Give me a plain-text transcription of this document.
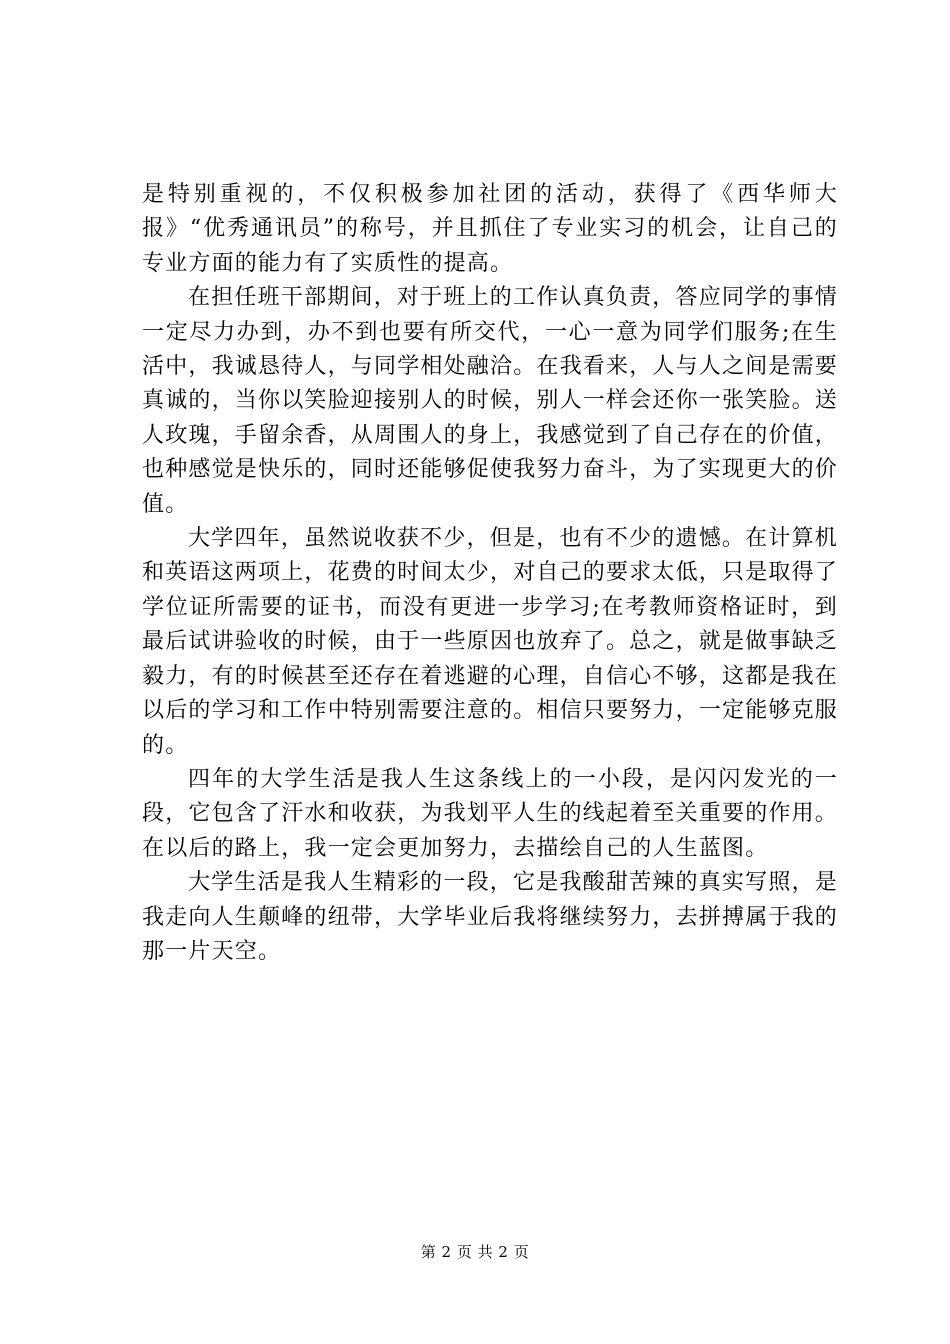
是特别重视的，不仅积极参加社团的活动，获得了《西华师大报》“优秀通讯员”的称号，并且抓住了专业实习的机会，让自己的专业方面的能力有了实质性的提高。

在担任班干部期间，对于班上的工作认真负责，答应同学的事情一定尽力办到，办不到也要有所交代，一心一意为同学们服务;在生活中，我诚恳待人，与同学相处融洽。在我看来，人与人之间是需要真诚的，当你以笑脸迎接别人的时候，别人一样会还你一张笑脸。送人玫瑰，手留余香，从周围人的身上，我感觉到了自己存在的价值，也种感觉是快乐的，同时还能够促使我努力奋斗，为了实现更大的价值。

大学四年，虽然说收获不少，但是，也有不少的遗憾。在计算机和英语这两项上，花费的时间太少，对自己的要求太低，只是取得了学位证所需要的证书，而没有更进一步学习;在考教师资格证时，到最后试讲验收的时候，由于一些原因也放弃了。总之，就是做事缺乏毅力，有的时候甚至还存在着逃避的心理，自信心不够，这都是我在以后的学习和工作中特别需要注意的。相信只要努力，一定能够克服的。

四年的大学生活是我人生这条线上的一小段，是闪闪发光的一段，它包含了汗水和收获，为我划平人生的线起着至关重要的作用。在以后的路上，我一定会更加努力，去描绘自己的人生蓝图。

大学生活是我人生精彩的一段，它是我酸甜苦辣的真实写照，是我走向人生颠峰的纽带，大学毕业后我将继续努力，去拼搏属于我的那一片天空。

第 2 页 共 2 页
